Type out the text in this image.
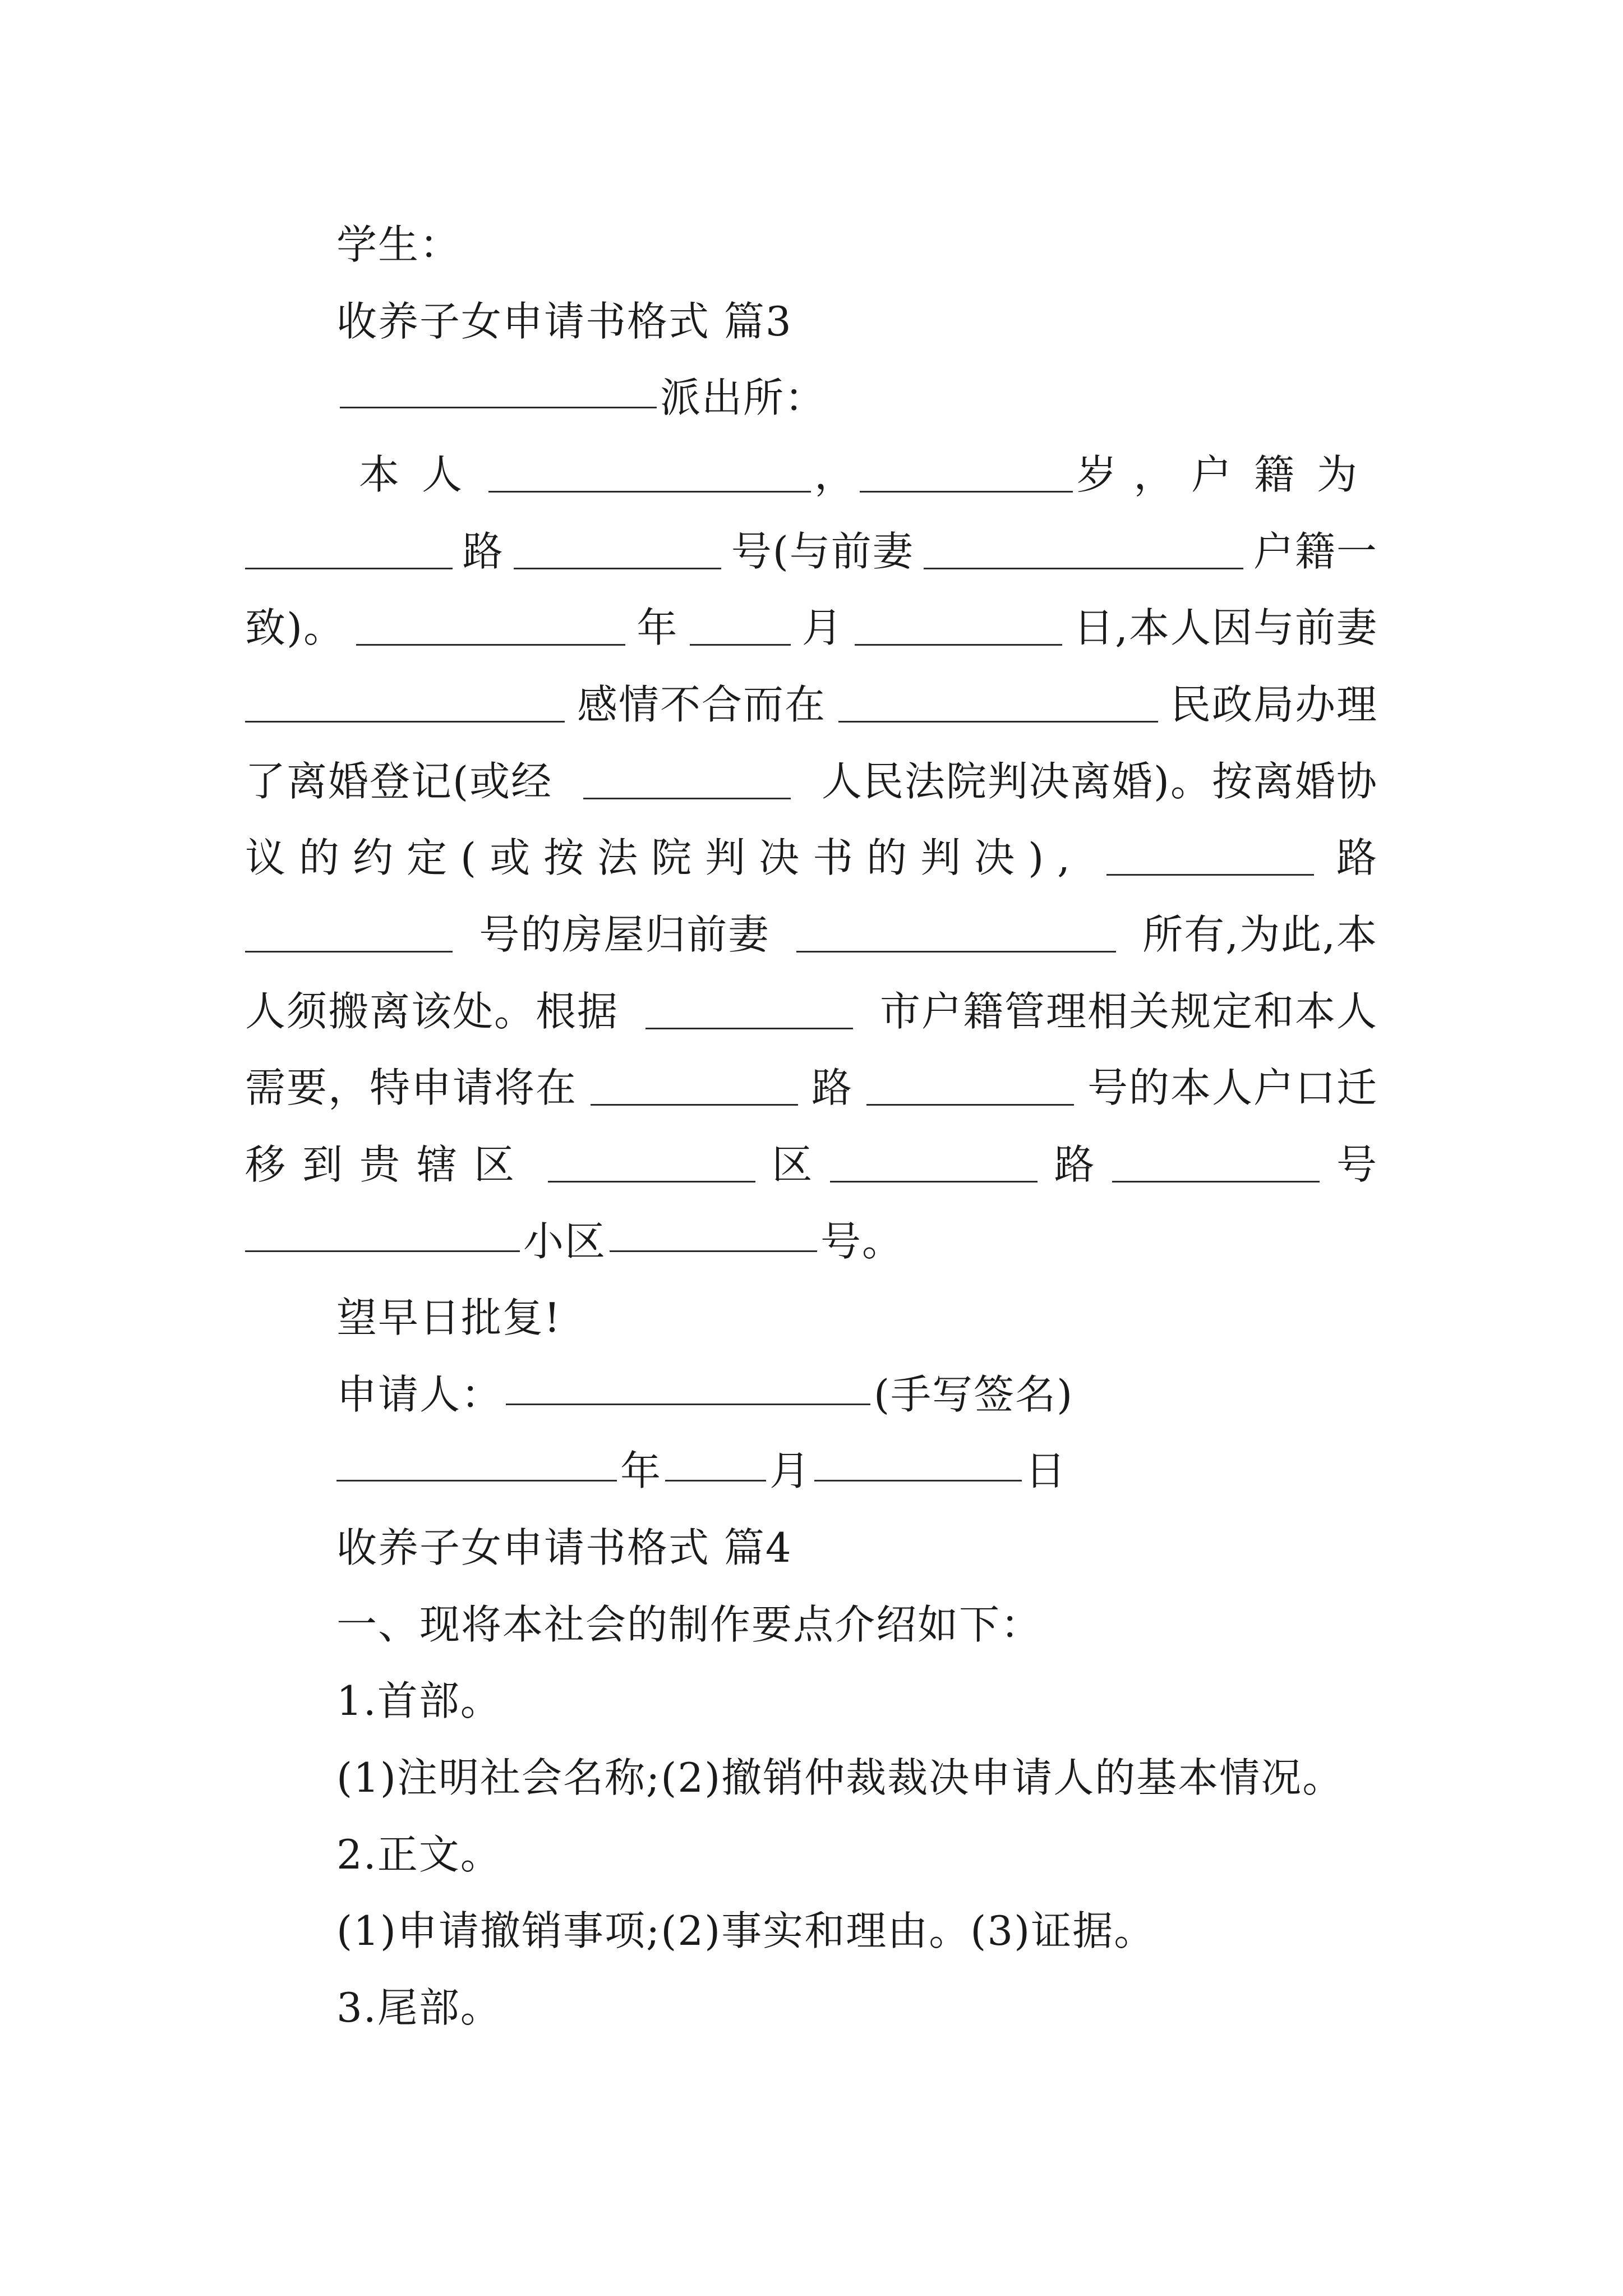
学生：
收养子女申请书格式 篇3
派出所：
本人	，	岁， 户籍为
路	号(与前妻	户籍一
致)。	年	月	日,本人因与前妻
感情不合而在	民政局办理
了离婚登记(或经	人民法院判决离婚)。按离婚协
议的约定(或按法院判决书的判决),	路
号的房屋归前妻	所有,为此,本
人须搬离该处。根据	市户籍管理相关规定和本人
需要，特申请将在	路	号的本人户口迁
移到贵辖区	区	路	号
小区	号。
望早日批复!
申请人：	(手写签名)
年	月	日
收养子女申请书格式 篇4
一、现将本社会的制作要点介绍如下：
1.首部。
(1)注明社会名称;(2)撤销仲裁裁决申请人的基本情况。
2.正文。
(1)申请撤销事项;(2)事实和理由。(3)证据。
3.尾部。
